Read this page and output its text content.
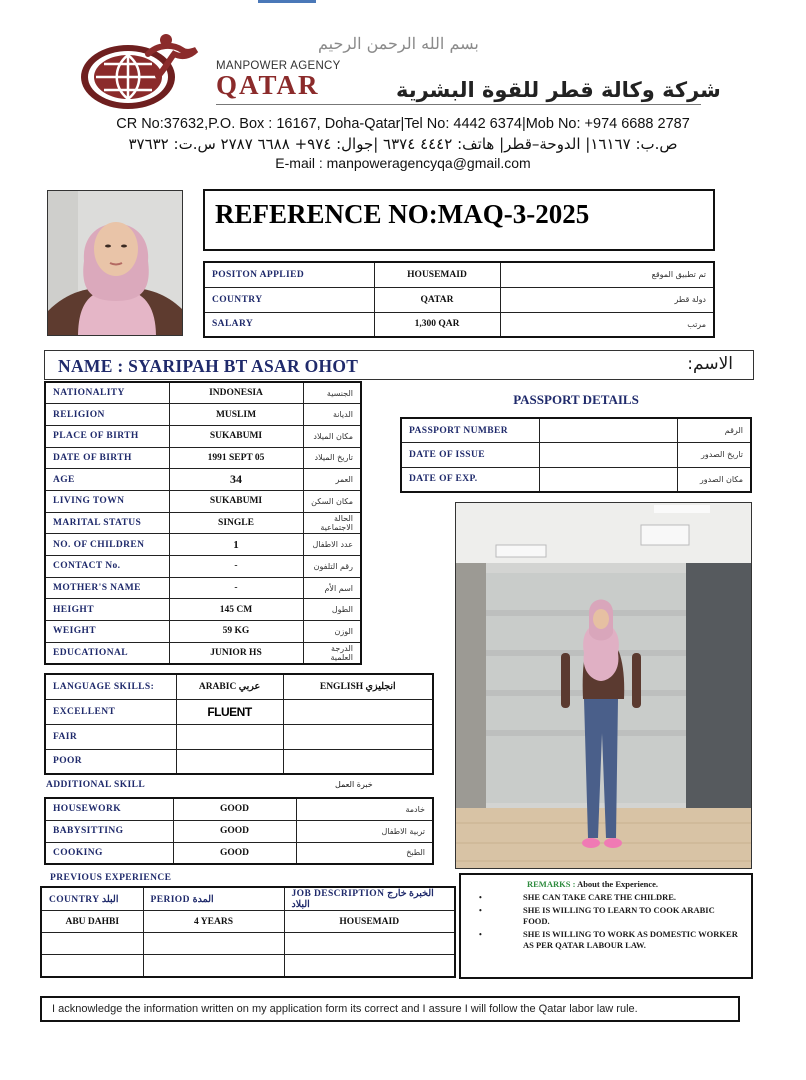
بسم الله الرحمن الرحيم
MANPOWER AGENCY
QATAR	شركة وكالة قطر للقوة البشرية
CR No:37632,P.O. Box : 16167, Doha-Qatar|Tel No: 4442 6374|Mob No: +974 6688 2787
ص.ب: ١٦١٦٧| الدوحة–قطر| هاتف: ٤٤٤٢ ٦٣٧٤ |جوال: ٩٧٤+ ٦٦٨٨ ٢٧٨٧ س.ت: ٣٧٦٣٢
E-mail : manpoweragencyqa@gmail.com
REFERENCE NO:MAQ-3-2025
POSITON APPLIED	HOUSEMAID	تم تطبيق الموقع
COUNTRY	QATAR	دولة قطر
SALARY	1,300 QAR	مرتب
NAME : SYARIPAH BT ASAR OHOT	الاسم:
NATIONALITY	INDONESIA	الجنسية
RELIGION	MUSLIM	الديانة
PLACE OF BIRTH	SUKABUMI	مكان الميلاد
DATE OF BIRTH	1991 SEPT 05	تاريخ الميلاد
AGE	34	العمر
LIVING TOWN	SUKABUMI	مكان السكن
MARITAL STATUS	SINGLE	الحالة الاجتماعية
NO. OF CHILDREN	1	عدد الاطفال
CONTACT No.	-	رقم التلفون
MOTHER'S NAME	-	اسم الأم
HEIGHT	145 CM	الطول
WEIGHT	59 KG	الوزن
EDUCATIONAL	JUNIOR HS	الدرجة العلمية
PASSPORT DETAILS
PASSPORT NUMBER		الرقم
DATE OF ISSUE		تاريخ الصدور
DATE OF EXP.		مكان الصدور
LANGUAGE SKILLS:	ARABIC عربي	ENGLISH انجليزي
EXCELLENT	FLUENT	
FAIR		
POOR		
ADDITIONAL SKILL	خبرة العمل
HOUSEWORK	GOOD	خادمة
BABYSITTING	GOOD	تربية الاطفال
COOKING	GOOD	الطبخ
PREVIOUS EXPERIENCE
COUNTRY البلد	PERIOD المدة	JOB DESCRIPTION الخبرة خارج البلاد
ABU DAHBI	4 YEARS	HOUSEMAID

REMARKS : About the Experience.
• SHE CAN TAKE CARE THE CHILDRE.
• SHE IS WILLING TO LEARN TO COOK ARABIC FOOD.
• SHE IS WILLING TO WORK AS DOMESTIC WORKER AS PER QATAR LABOUR LAW.
I acknowledge the information written on my application form its correct and I assure I will follow the Qatar labor law rule.
